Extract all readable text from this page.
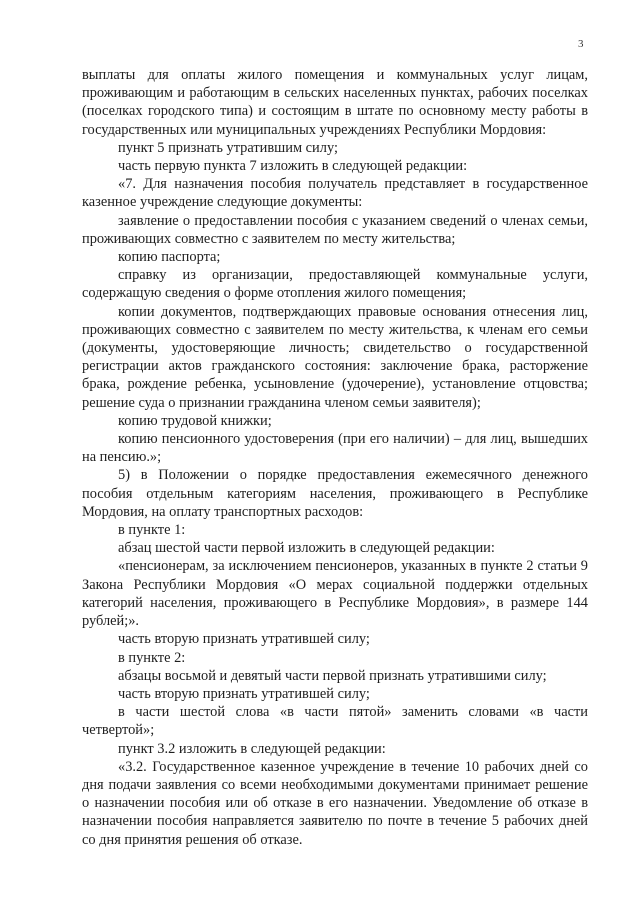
3

выплаты для оплаты жилого помещения и коммунальных услуг лицам, проживающим и работающим в сельских населенных пунктах, рабочих поселках (поселках городского типа) и состоящим в штате по основному месту работы в государственных или муниципальных учреждениях Республики Мордовия:

пункт 5 признать утратившим силу;

часть первую пункта 7 изложить в следующей редакции:

«7. Для назначения пособия получатель представляет в государственное казенное учреждение следующие документы:

заявление о предоставлении пособия с указанием сведений о членах семьи, проживающих совместно с заявителем по месту жительства;

копию паспорта;

справку из организации, предоставляющей коммунальные услуги, содержащую сведения о форме отопления жилого помещения;

копии документов, подтверждающих правовые основания отнесения лиц, проживающих совместно с заявителем по месту жительства, к членам его семьи (документы, удостоверяющие личность; свидетельство о государственной регистрации актов гражданского состояния: заключение брака, расторжение брака, рождение ребенка, усыновление (удочерение), установление отцовства; решение суда о признании гражданина членом семьи заявителя);

копию трудовой книжки;

копию пенсионного удостоверения (при его наличии) – для лиц, вышедших на пенсию.»;

5) в Положении о порядке предоставления ежемесячного денежного пособия отдельным категориям населения, проживающего в Республике Мордовия, на оплату транспортных расходов:

в пункте 1:

абзац шестой части первой изложить в следующей редакции:

«пенсионерам, за исключением пенсионеров, указанных в пункте 2 статьи 9 Закона Республики Мордовия «О мерах социальной поддержки отдельных категорий населения, проживающего в Республике Мордовия», в размере 144 рублей;».

часть вторую признать утратившей силу;

в пункте 2:

абзацы восьмой и девятый части первой признать утратившими силу;

часть вторую признать утратившей силу;

в части шестой слова «в части пятой» заменить словами «в части четвертой»;

пункт 3.2 изложить в следующей редакции:

«3.2. Государственное казенное учреждение в течение 10 рабочих дней со дня подачи заявления со всеми необходимыми документами принимает решение о назначении пособия или об отказе в его назначении. Уведомление об отказе в назначении пособия направляется заявителю по почте в течение 5 рабочих дней со дня принятия решения об отказе.
